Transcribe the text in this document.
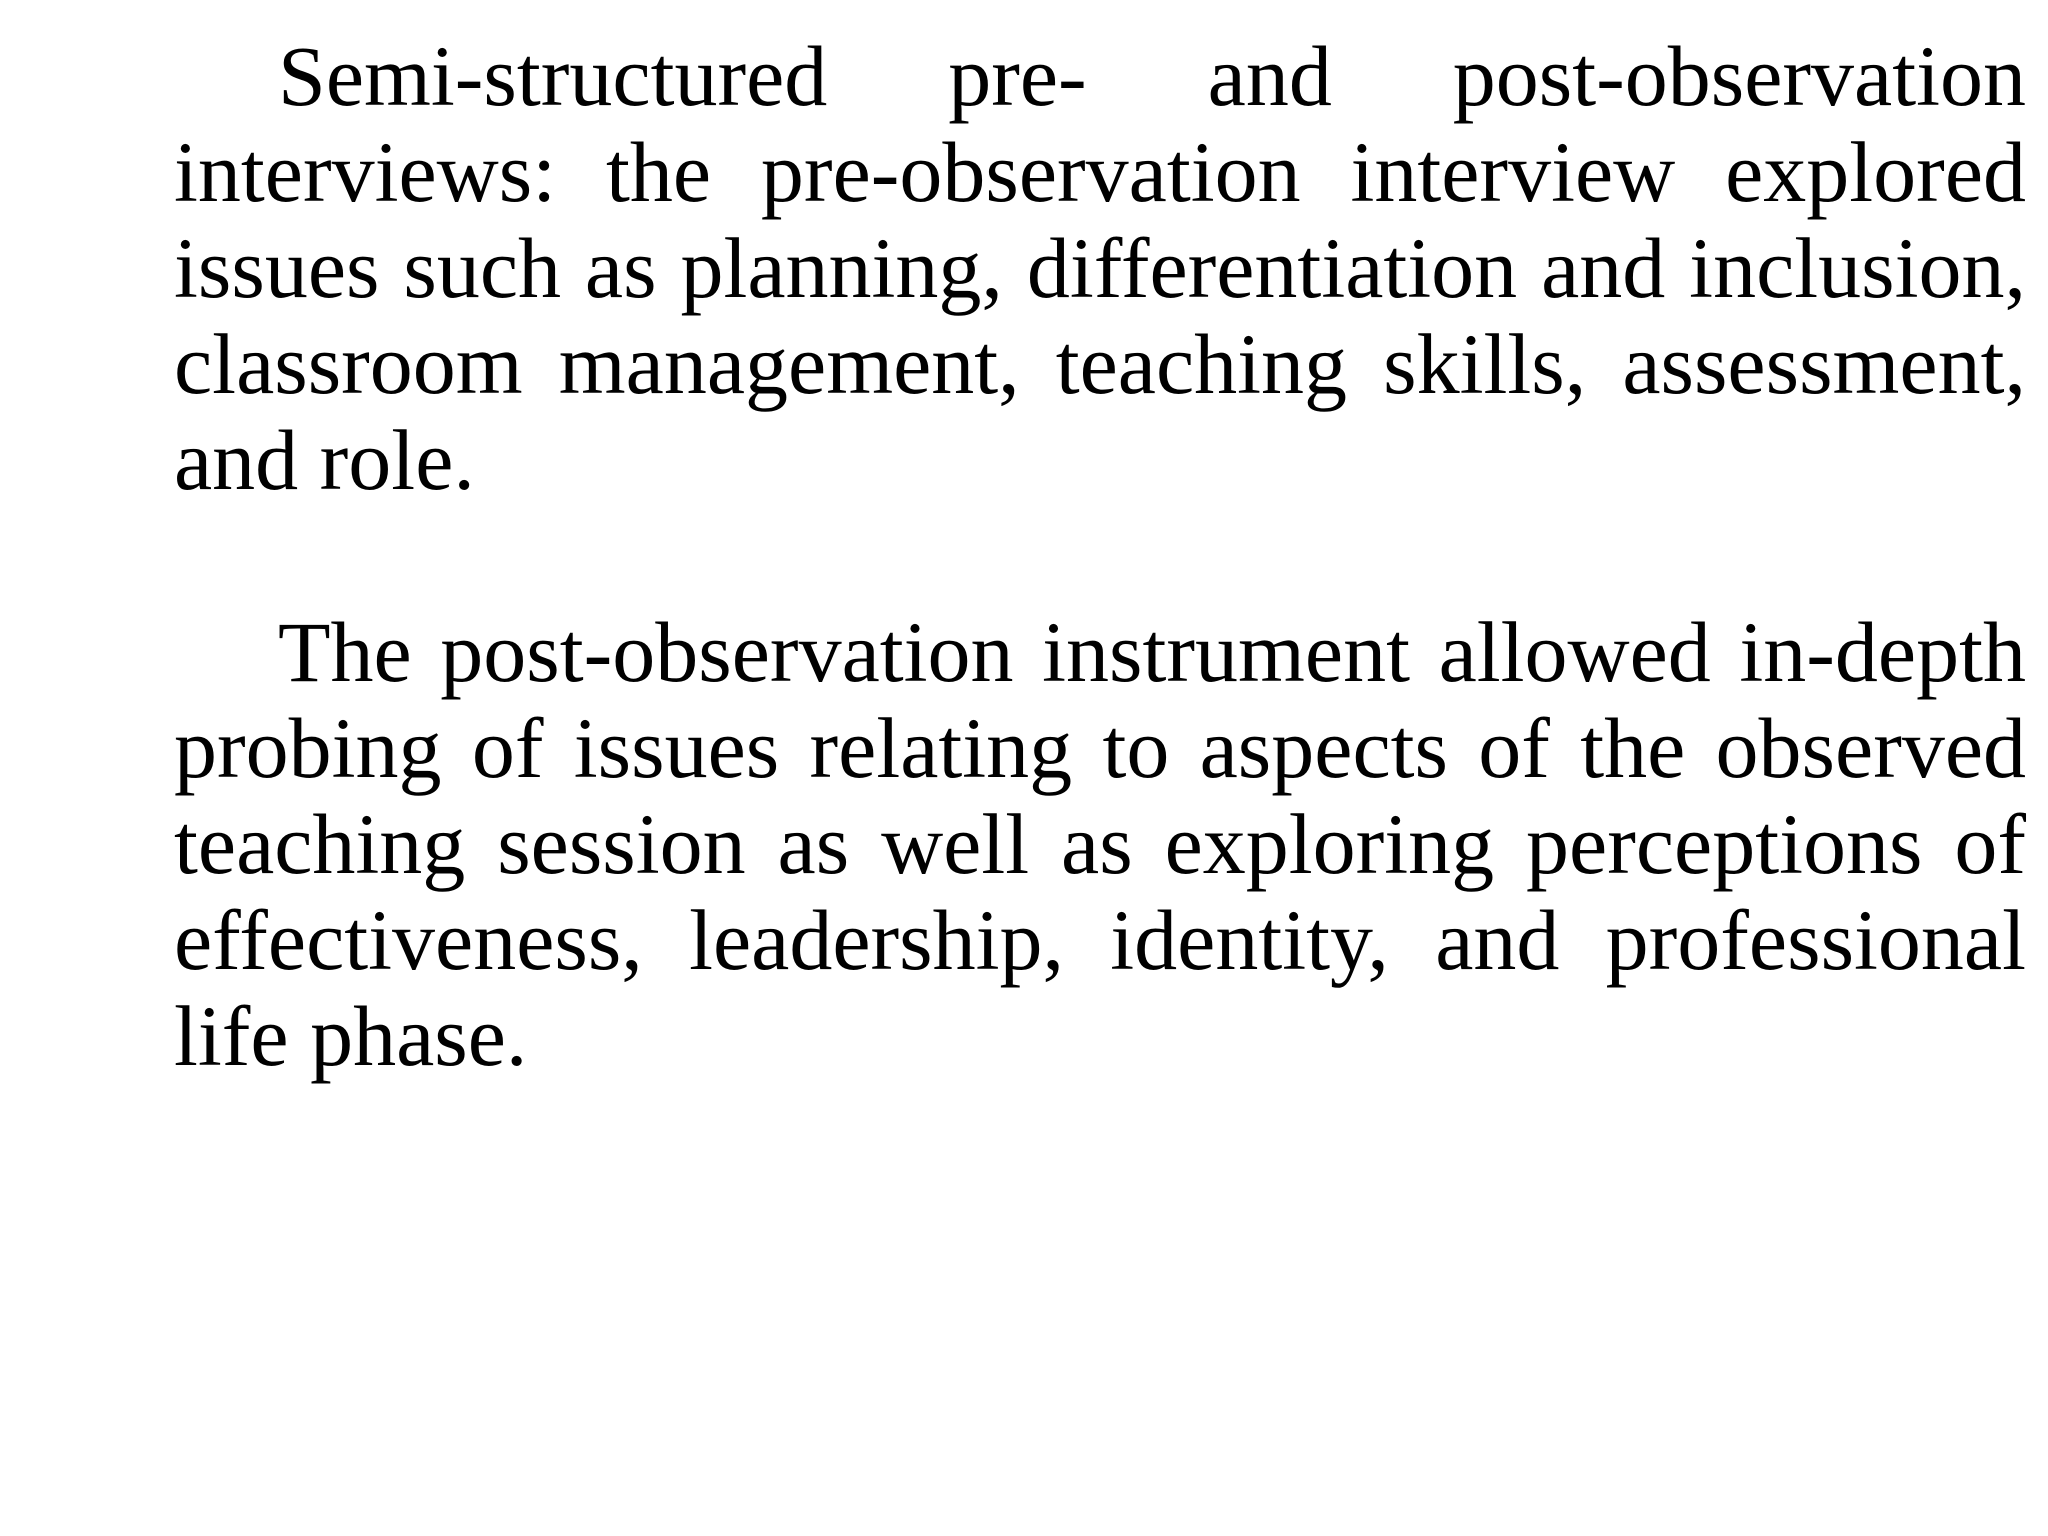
Semi-structured pre- and post-observation interviews: the pre-observation interview explored issues such as planning, differentiation and inclusion, classroom management, teaching skills, assessment, and role.

The post-observation instrument allowed in-depth probing of issues relating to aspects of the observed teaching session as well as exploring perceptions of effectiveness, leadership, identity, and professional life phase.
